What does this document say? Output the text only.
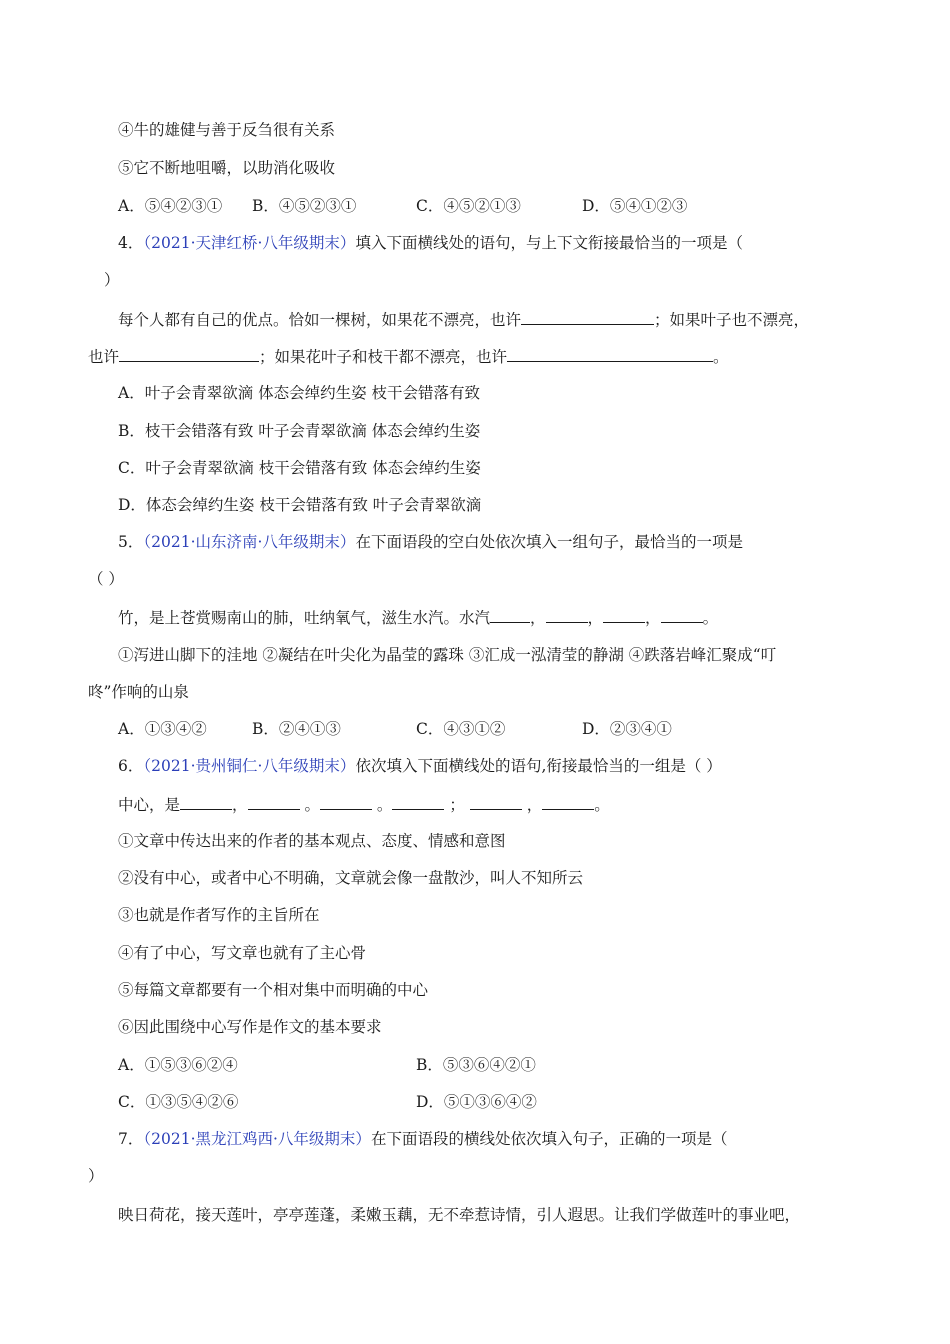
④牛的雄健与善于反刍很有关系
⑤它不断地咀嚼，以助消化吸收
A．⑤④②③① B．④⑤②③①	C．④⑤②①③	D．⑤④①②③
4．（2021·天津红桥·八年级期末）填入下面横线处的语句，与上下文衔接最恰当的一项是（
）
每个人都有自己的优点。恰如一棵树，如果花不漂亮，也许	；如果叶子也不漂亮，
也许	；如果花叶子和枝干都不漂亮，也许	。
A．叶子会青翠欲滴 体态会绰约生姿 枝干会错落有致
B．枝干会错落有致 叶子会青翠欲滴 体态会绰约生姿
C．叶子会青翠欲滴 枝干会错落有致 体态会绰约生姿
D．体态会绰约生姿 枝干会错落有致 叶子会青翠欲滴
5．（2021·山东济南·八年级期末）在下面语段的空白处依次填入一组句子，最恰当的一项是
（ ）
竹，是上苍赏赐南山的肺，吐纳氧气，滋生水汽。水汽	，	，	，	。
①泻进山脚下的洼地 ②凝结在叶尖化为晶莹的露珠 ③汇成一泓清莹的静湖 ④跌落岩峰汇聚成“叮
咚”作响的山泉
A．①③④②	B．②④①③	C．④③①②	D．②③④①
6．（2021·贵州铜仁·八年级期末）依次填入下面横线处的语句,衔接最恰当的一组是（ ）
中心，是	，	。	。	；	，	。
①文章中传达出来的作者的基本观点、态度、情感和意图
②没有中心，或者中心不明确，文章就会像一盘散沙，叫人不知所云
③也就是作者写作的主旨所在
④有了中心，写文章也就有了主心骨
⑤每篇文章都要有一个相对集中而明确的中心
⑥因此围绕中心写作是作文的基本要求
A．①⑤③⑥②④	B．⑤③⑥④②①
C．①③⑤④②⑥	D．⑤①③⑥④②
7．（2021·黑龙江鸡西·八年级期末）在下面语段的横线处依次填入句子，正确的一项是（
）
映日荷花，接天莲叶，亭亭莲蓬，柔嫩玉藕，无不牵惹诗情，引人遐思。让我们学做莲叶的事业吧，
